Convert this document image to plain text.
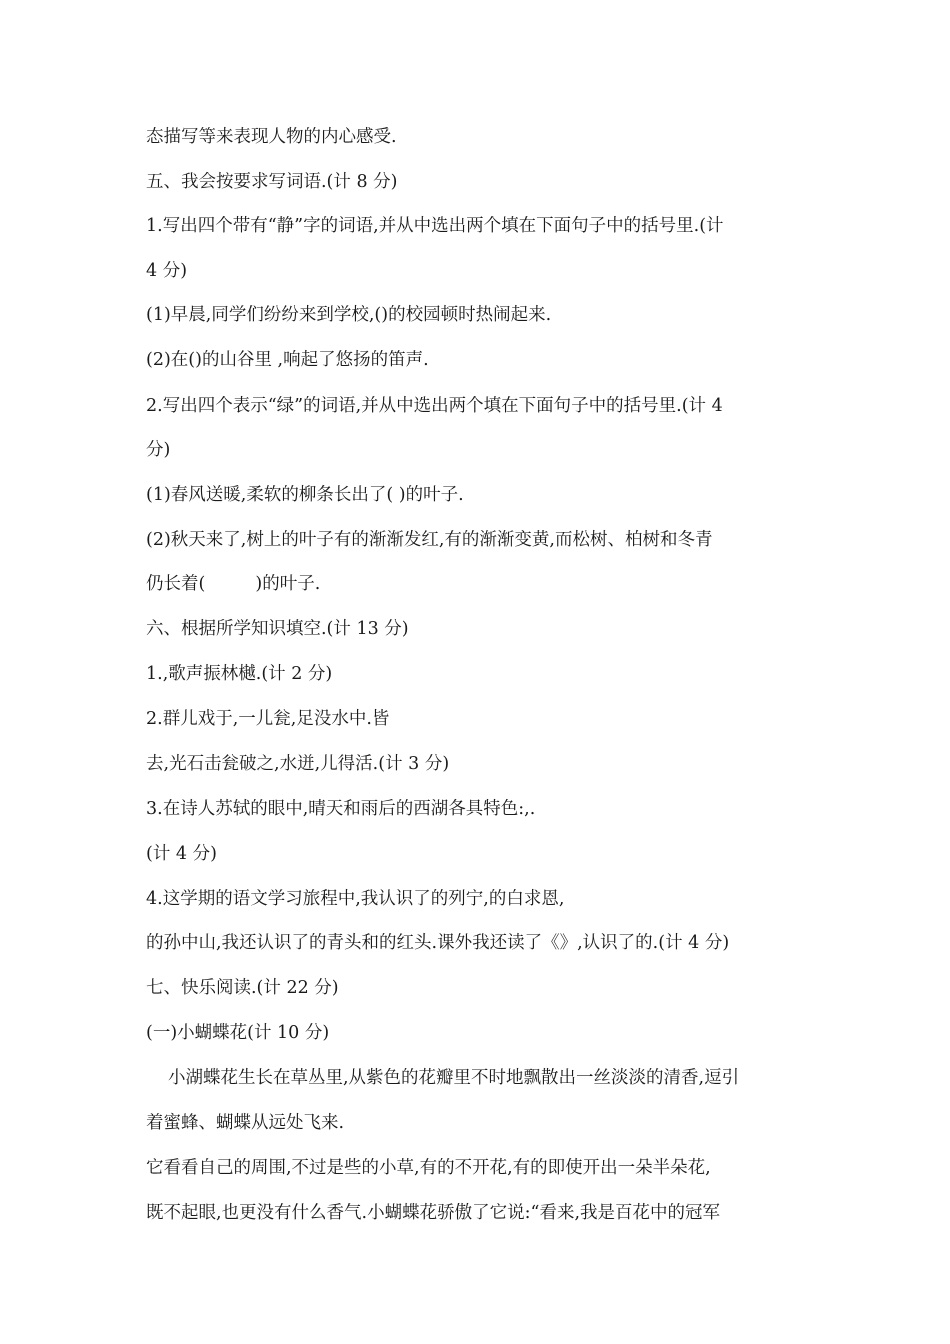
态描写等来表现人物的内心感受.
五、我会按要求写词语.(计 8 分)
1.写出四个带有“静”字的词语,并从中选出两个填在下面句子中的括号里.(计
4 分)
(1)早晨,同学们纷纷来到学校,()的校园顿时热闹起来.
(2)在()的山谷里 ,响起了悠扬的笛声.
2.写出四个表示“绿”的词语,并从中选出两个填在下面句子中的括号里.(计 4
分)
(1)春风送暖,柔软的柳条长出了( )的叶子.
(2)秋天来了,树上的叶子有的渐渐发红,有的渐渐变黄,而松树、柏树和冬青
仍长着(         )的叶子.
六、根据所学知识填空.(计 13 分)
1.,歌声振林樾.(计 2 分)
2.群儿戏于,一儿瓮,足没水中.皆
去,光石击瓮破之,水迸,儿得活.(计 3 分)
3.在诗人苏轼的眼中,晴天和雨后的西湖各具特色:,.
(计 4 分)
4.这学期的语文学习旅程中,我认识了的列宁,的白求恩,
的孙中山,我还认识了的青头和的红头.课外我还读了《》,认识了的.(计 4 分)
七、快乐阅读.(计 22 分)
(一)小蝴蝶花(计 10 分)
小湖蝶花生长在草丛里,从紫色的花瓣里不时地飘散出一丝淡淡的清香,逗引
着蜜蜂、蝴蝶从远处飞来.
它看看自己的周围,不过是些的小草,有的不开花,有的即使开出一朵半朵花,
既不起眼,也更没有什么香气.小蝴蝶花骄傲了它说:“看来,我是百花中的冠军
